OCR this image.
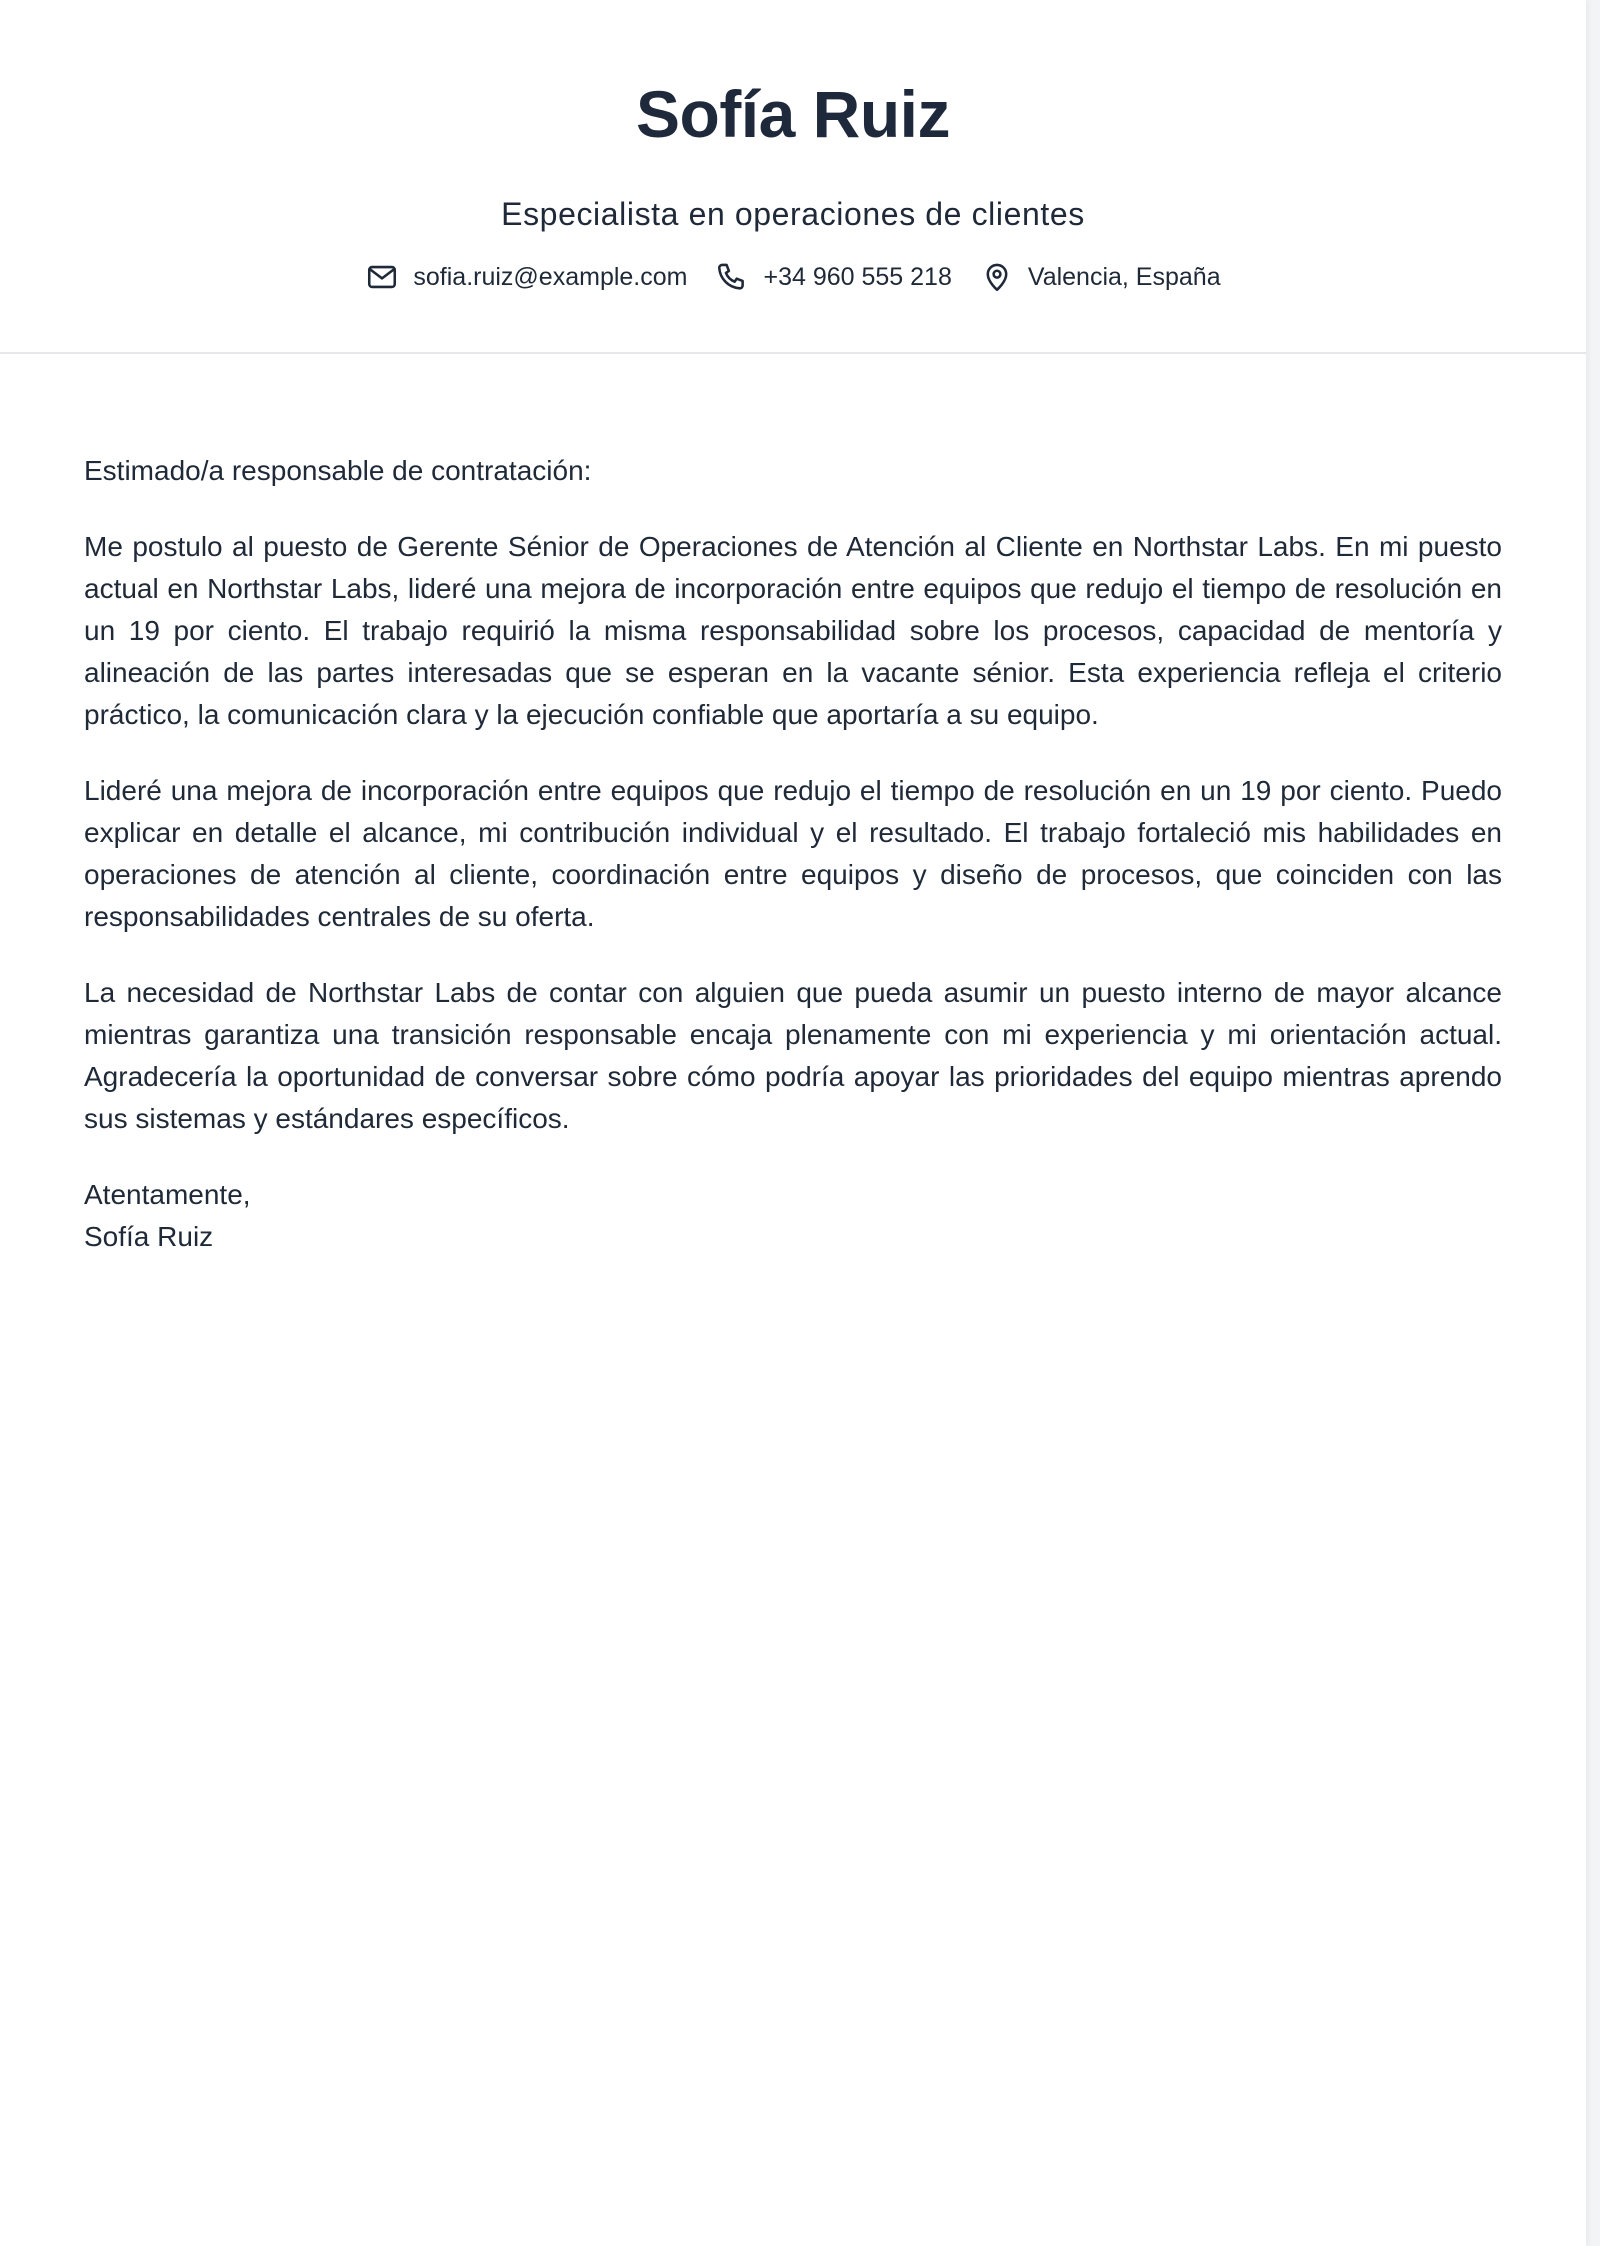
Sofía Ruiz

Especialista en operaciones de clientes

sofia.ruiz@example.com	+34 960 555 218	Valencia, España

Estimado/a responsable de contratación:

Me postulo al puesto de Gerente Sénior de Operaciones de Atención al Cliente en Northstar Labs. En mi puesto actual en Northstar Labs, lideré una mejora de incorporación entre equipos que redujo el tiempo de resolución en un 19 por ciento. El trabajo requirió la misma responsabilidad sobre los procesos, capacidad de mentoría y alineación de las partes interesadas que se esperan en la vacante sénior. Esta experiencia refleja el criterio práctico, la comunicación clara y la ejecución confiable que aportaría a su equipo.

Lideré una mejora de incorporación entre equipos que redujo el tiempo de resolución en un 19 por ciento. Puedo explicar en detalle el alcance, mi contribución individual y el resultado. El trabajo fortaleció mis habilidades en operaciones de atención al cliente, coordinación entre equipos y diseño de procesos, que coinciden con las responsabilidades centrales de su oferta.

La necesidad de Northstar Labs de contar con alguien que pueda asumir un puesto interno de mayor alcance mientras garantiza una transición responsable encaja plenamente con mi experiencia y mi orientación actual. Agradecería la oportunidad de conversar sobre cómo podría apoyar las prioridades del equipo mientras aprendo sus sistemas y estándares específicos.

Atentamente,
Sofía Ruiz
